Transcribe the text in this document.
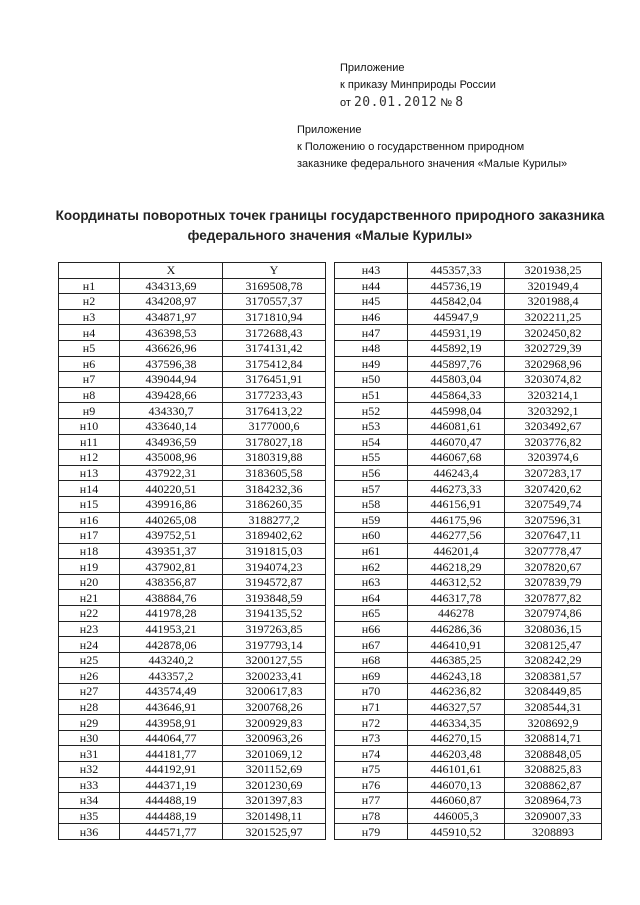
Приложение
к приказу Минприроды России
от 20.01.2012 № 8
Приложение
к Положению о государственном природном
заказнике федерального значения «Малые Курилы»
Координаты поворотных точек границы государственного природного заказника
федерального значения «Малые Курилы»
	X	Y
н1	434313,69	3169508,78
н2	434208,97	3170557,37
н3	434871,97	3171810,94
н4	436398,53	3172688,43
н5	436626,96	3174131,42
н6	437596,38	3175412,84
н7	439044,94	3176451,91
н8	439428,66	3177233,43
н9	434330,7	3176413,22
н10	433640,14	3177000,6
н11	434936,59	3178027,18
н12	435008,96	3180319,88
н13	437922,31	3183605,58
н14	440220,51	3184232,36
н15	439916,86	3186260,35
н16	440265,08	3188277,2
н17	439752,51	3189402,62
н18	439351,37	3191815,03
н19	437902,81	3194074,23
н20	438356,87	3194572,87
н21	438884,76	3193848,59
н22	441978,28	3194135,52
н23	441953,21	3197263,85
н24	442878,06	3197793,14
н25	443240,2	3200127,55
н26	443357,2	3200233,41
н27	443574,49	3200617,83
н28	443646,91	3200768,26
н29	443958,91	3200929,83
н30	444064,77	3200963,26
н31	444181,77	3201069,12
н32	444192,91	3201152,69
н33	444371,19	3201230,69
н34	444488,19	3201397,83
н35	444488,19	3201498,11
н36	444571,77	3201525,97
н43	445357,33	3201938,25
н44	445736,19	3201949,4
н45	445842,04	3201988,4
н46	445947,9	3202211,25
н47	445931,19	3202450,82
н48	445892,19	3202729,39
н49	445897,76	3202968,96
н50	445803,04	3203074,82
н51	445864,33	3203214,1
н52	445998,04	3203292,1
н53	446081,61	3203492,67
н54	446070,47	3203776,82
н55	446067,68	3203974,6
н56	446243,4	3207283,17
н57	446273,33	3207420,62
н58	446156,91	3207549,74
н59	446175,96	3207596,31
н60	446277,56	3207647,11
н61	446201,4	3207778,47
н62	446218,29	3207820,67
н63	446312,52	3207839,79
н64	446317,78	3207877,82
н65	446278	3207974,86
н66	446286,36	3208036,15
н67	446410,91	3208125,47
н68	446385,25	3208242,29
н69	446243,18	3208381,57
н70	446236,82	3208449,85
н71	446327,57	3208544,31
н72	446334,35	3208692,9
н73	446270,15	3208814,71
н74	446203,48	3208848,05
н75	446101,61	3208825,83
н76	446070,13	3208862,87
н77	446060,87	3208964,73
н78	446005,3	3209007,33
н79	445910,52	3208893
